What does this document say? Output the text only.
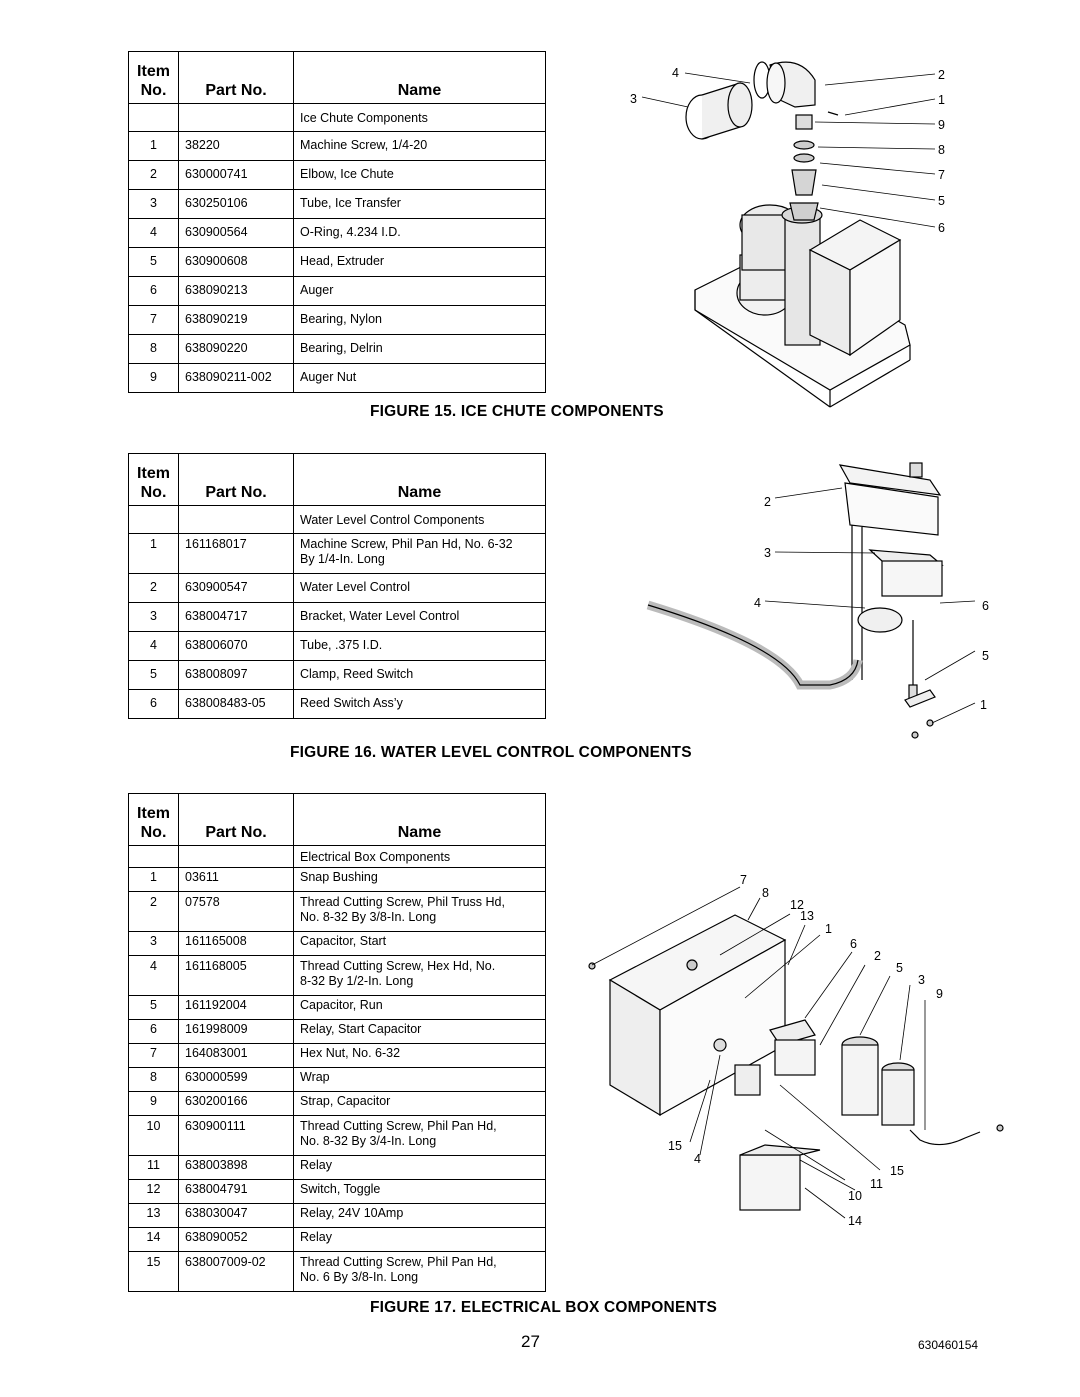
Item
No.	Part No.	Name
		Ice Chute Components
1	38220	Machine Screw, 1/4-20

2	630000741	Elbow, Ice Chute

3	630250106	Tube, Ice Transfer

4	630900564	O-Ring, 4.234 I.D.

5	630900608	Head, Extruder

6	638090213	Auger

7	638090219	Bearing, Nylon

8	638090220	Bearing, Delrin

9	638090211-002	Auger Nut
FIGURE 15. ICE CHUTE COMPONENTS
Item
No.	Part No.	Name
		Water Level Control Components
1	161168017	Machine Screw, Phil Pan Hd, No. 6-32
By 1/4-In. Long

2	630900547	Water Level Control

3	638004717	Bracket, Water Level Control

4	638006070	Tube, .375 I.D.

5	638008097	Clamp, Reed Switch

6	638008483-05	Reed Switch Ass’y
FIGURE 16. WATER LEVEL CONTROL COMPONENTS
Item
No.	Part No.	Name
		Electrical Box Components
1	03611	Snap Bushing

2	07578	Thread Cutting Screw, Phil Truss Hd,
No. 8-32 By 3/8-In. Long

3	161165008	Capacitor, Start

4	161168005	Thread Cutting Screw, Hex Hd, No.
8-32 By 1/2-In. Long

5	161192004	Capacitor, Run

6	161998009	Relay, Start Capacitor

7	164083001	Hex Nut, No. 6-32

8	630000599	Wrap

9	630200166	Strap, Capacitor

10	630900111	Thread Cutting Screw, Phil Pan Hd,
No. 8-32 By 3/4-In. Long

11	638003898	Relay

12	638004791	Switch, Toggle

13	638030047	Relay, 24V 10Amp

14	638090052	Relay

15	638007009-02	Thread Cutting Screw, Phil Pan Hd,
No. 6 By 3/8-In. Long
FIGURE 17. ELECTRICAL BOX COMPONENTS
4
3
2
1
9
8
7
5
6
2
3
4	6
5
1
7
8
12
13
1
6
2
5
3
9
15
4
11
15
10
14
27	630460154
